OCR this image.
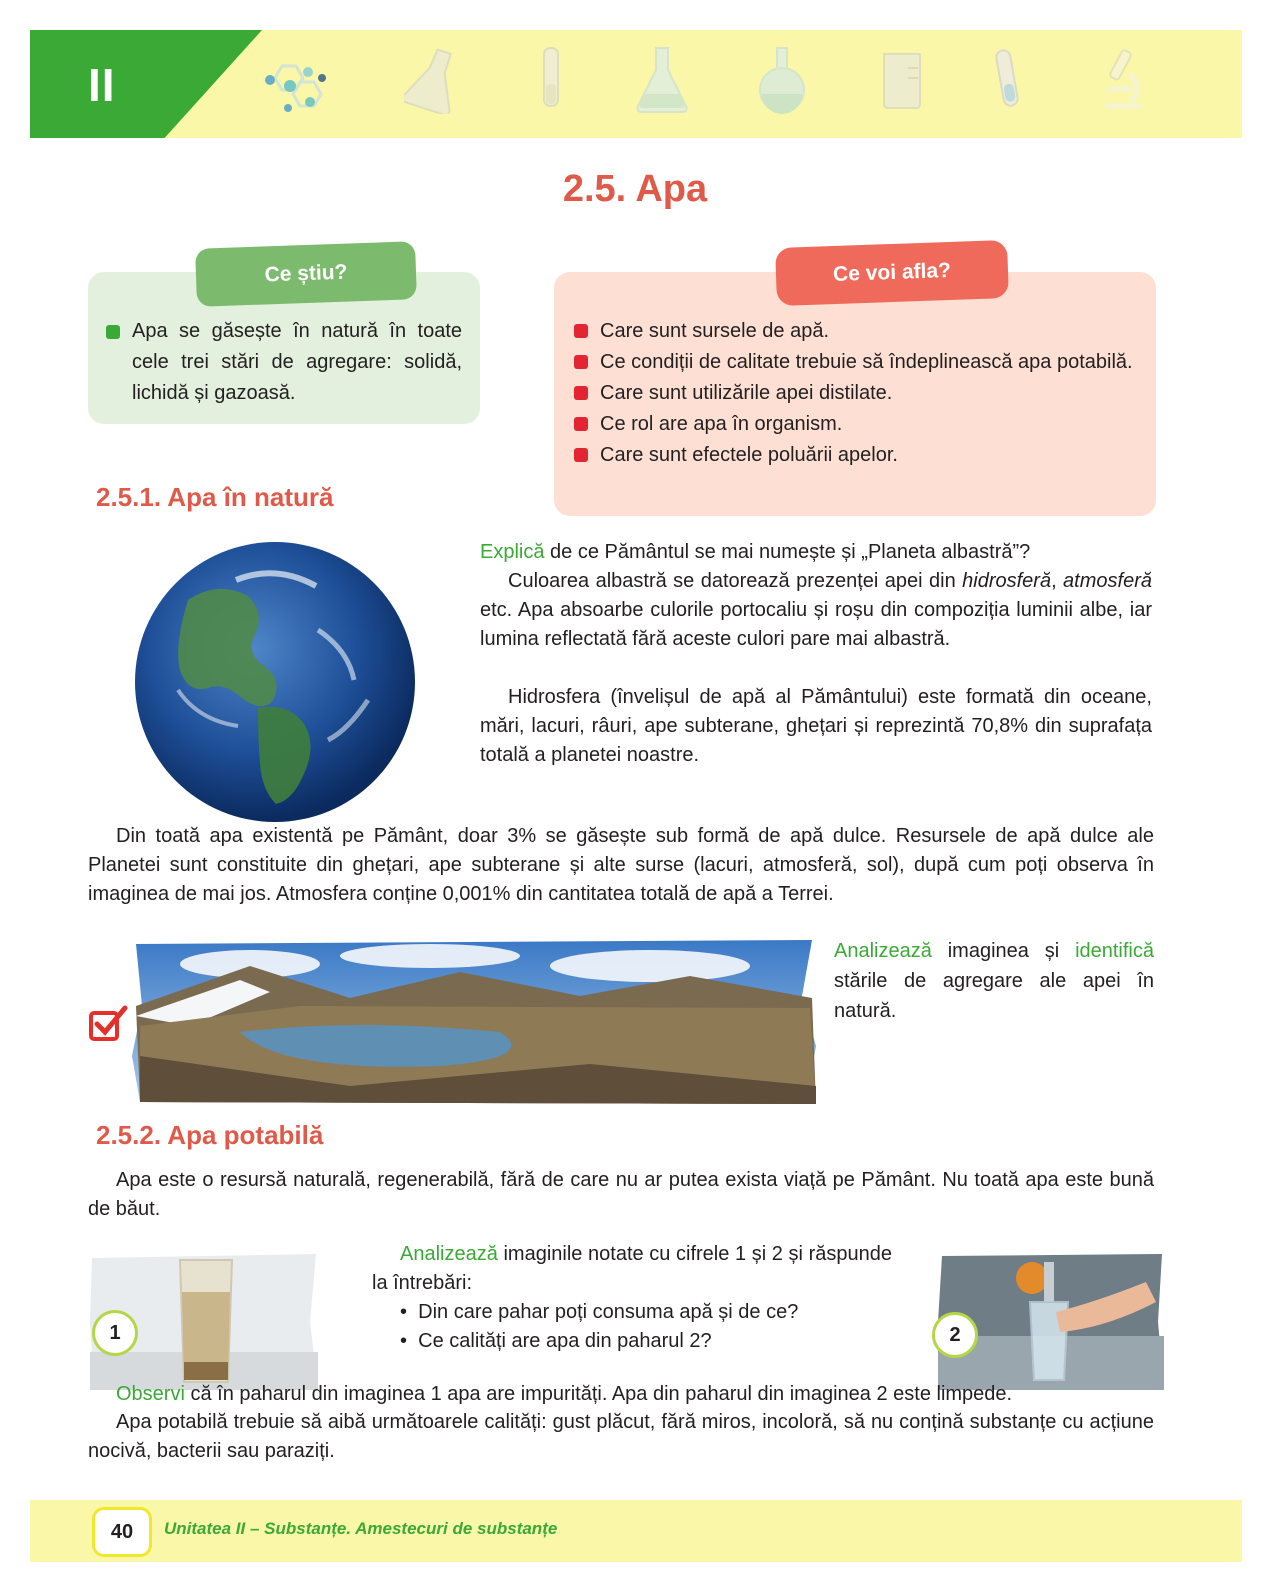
II
2.5. Apa
Ce știu?
Apa se găsește în natură în toate cele trei stări de agregare: solidă, lichidă și gazoasă.
Ce voi afla?
Care sunt sursele de apă.
Ce condiții de calitate trebuie să îndeplinească apa potabilă.
Care sunt utilizările apei distilate.
Ce rol are apa în organism.
Care sunt efectele poluării apelor.
2.5.1. Apa în natură
Explică de ce Pământul se mai numește și „Planeta albastră”?
Culoarea albastră se datorează prezenței apei din hidrosferă, atmosferă etc. Apa absoarbe culorile portocaliu și roșu din compoziția luminii albe, iar lumina reflectată fără aceste culori pare mai albastră.
Hidrosfera (învelișul de apă al Pământului) este formată din oceane, mări, lacuri, râuri, ape subterane, ghețari și reprezintă 70,8% din suprafața totală a planetei noastre.
Din toată apa existentă pe Pământ, doar 3% se găsește sub formă de apă dulce. Resursele de apă dulce ale Planetei sunt constituite din ghețari, ape subterane și alte surse (lacuri, atmosferă, sol), după cum poți observa în imaginea de mai jos. Atmosfera conține 0,001% din cantitatea totală de apă a Terrei.
Analizează imaginea și identifică stările de agregare ale apei în natură.
2.5.2. Apa potabilă
Apa este o resursă naturală, regenerabilă, fără de care nu ar putea exista viață pe Pământ. Nu toată apa este bună de băut.
1
Analizează imaginile notate cu cifrele 1 și 2 și răspunde la întrebări:
•  Din care pahar poți consuma apă și de ce?
•  Ce calități are apa din paharul 2?	2
Observi că în paharul din imaginea 1 apa are impurități. Apa din paharul din imaginea 2 este limpede.
Apa potabilă trebuie să aibă următoarele calități: gust plăcut, fără miros, incoloră, să nu conțină substanțe cu acțiune nocivă, bacterii sau paraziți.
40	Unitatea II – Substanțe. Amestecuri de substanțe
